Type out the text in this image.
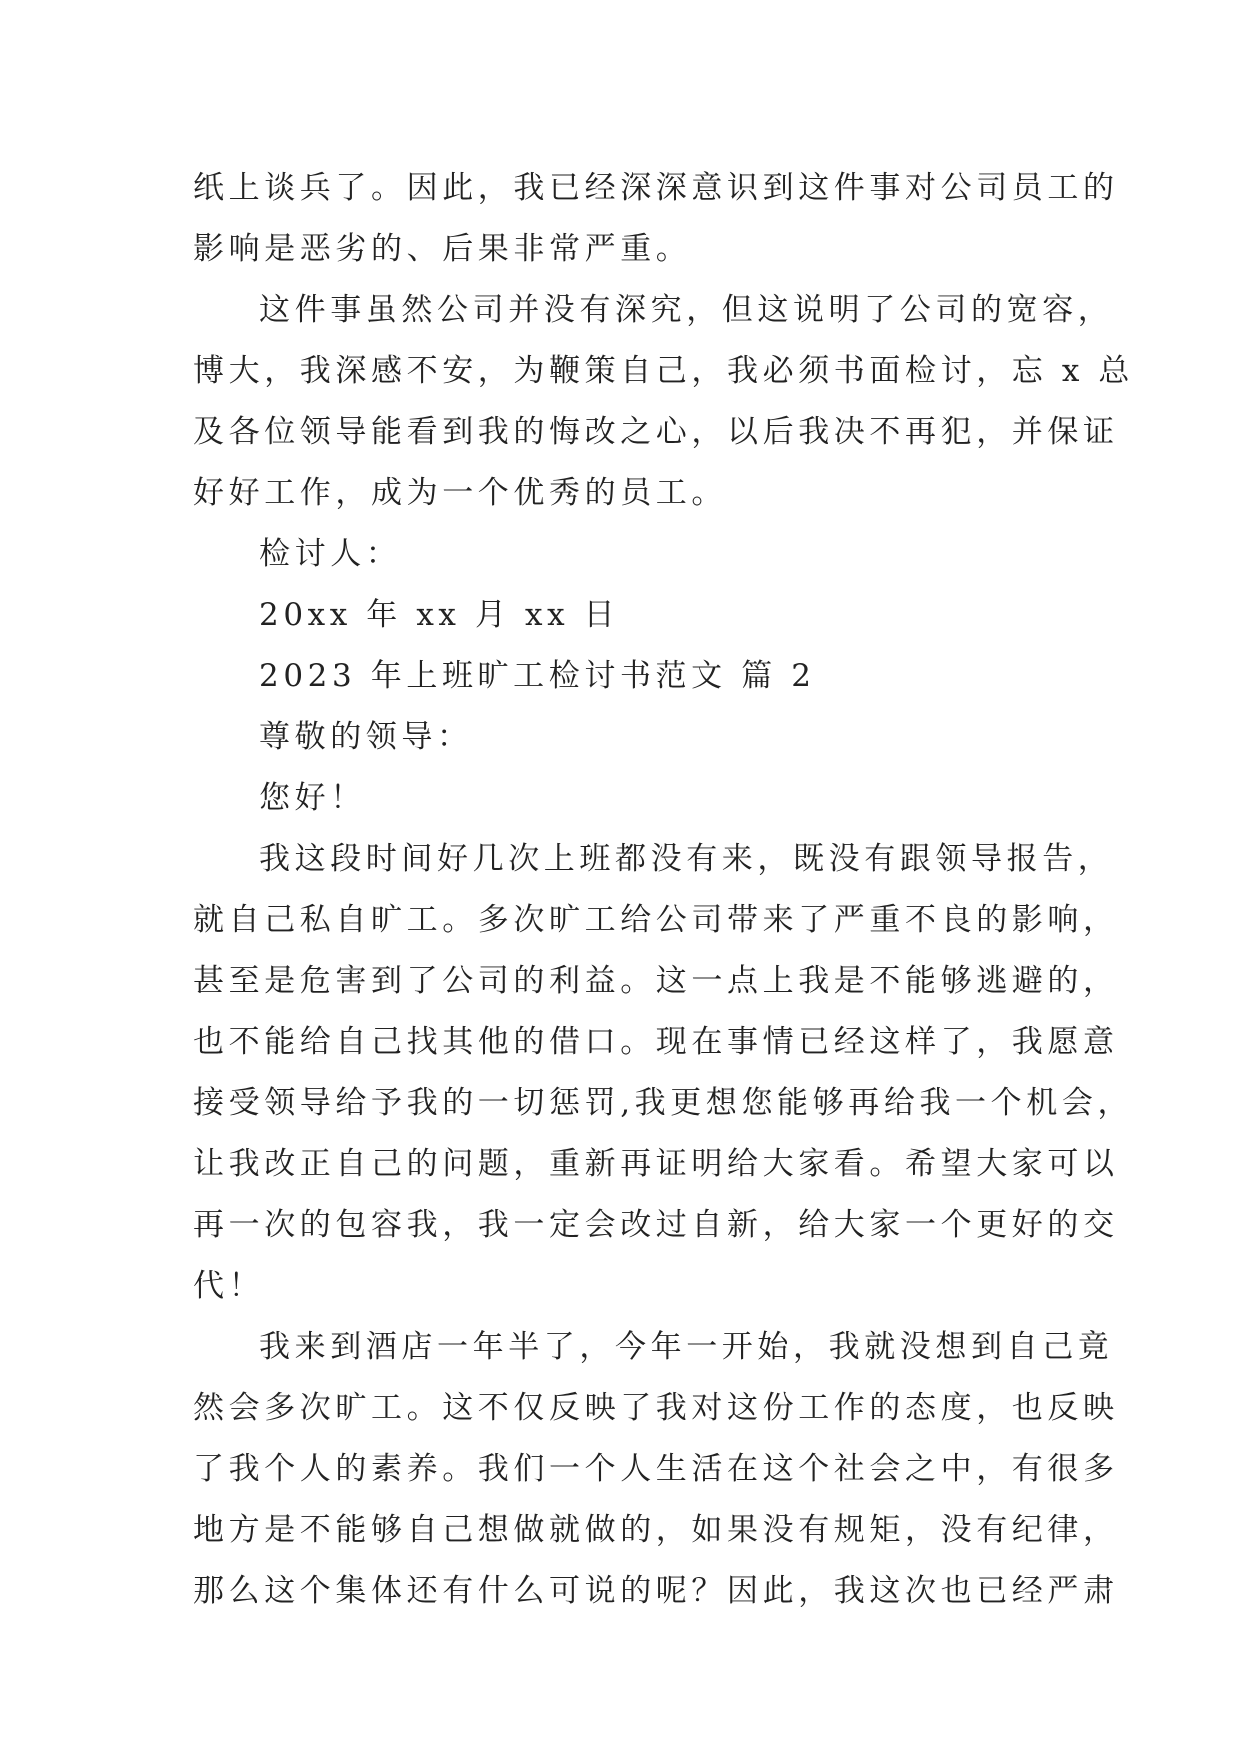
纸上谈兵了。因此，我已经深深意识到这件事对公司员工的
影响是恶劣的、后果非常严重。
这件事虽然公司并没有深究，但这说明了公司的宽容，
博大，我深感不安，为鞭策自己，我必须书面检讨，忘 x 总
及各位领导能看到我的悔改之心，以后我决不再犯，并保证
好好工作，成为一个优秀的员工。
检讨人：
20xx 年 xx 月 xx 日
2023 年上班旷工检讨书范文 篇 2
尊敬的领导：
您好！
我这段时间好几次上班都没有来，既没有跟领导报告，
就自己私自旷工。多次旷工给公司带来了严重不良的影响，
甚至是危害到了公司的利益。这一点上我是不能够逃避的，
也不能给自己找其他的借口。现在事情已经这样了，我愿意
接受领导给予我的一切惩罚,我更想您能够再给我一个机会，
让我改正自己的问题，重新再证明给大家看。希望大家可以
再一次的包容我，我一定会改过自新，给大家一个更好的交
代！
我来到酒店一年半了，今年一开始，我就没想到自己竟
然会多次旷工。这不仅反映了我对这份工作的态度，也反映
了我个人的素养。我们一个人生活在这个社会之中，有很多
地方是不能够自己想做就做的，如果没有规矩，没有纪律，
那么这个集体还有什么可说的呢？因此，我这次也已经严肃
